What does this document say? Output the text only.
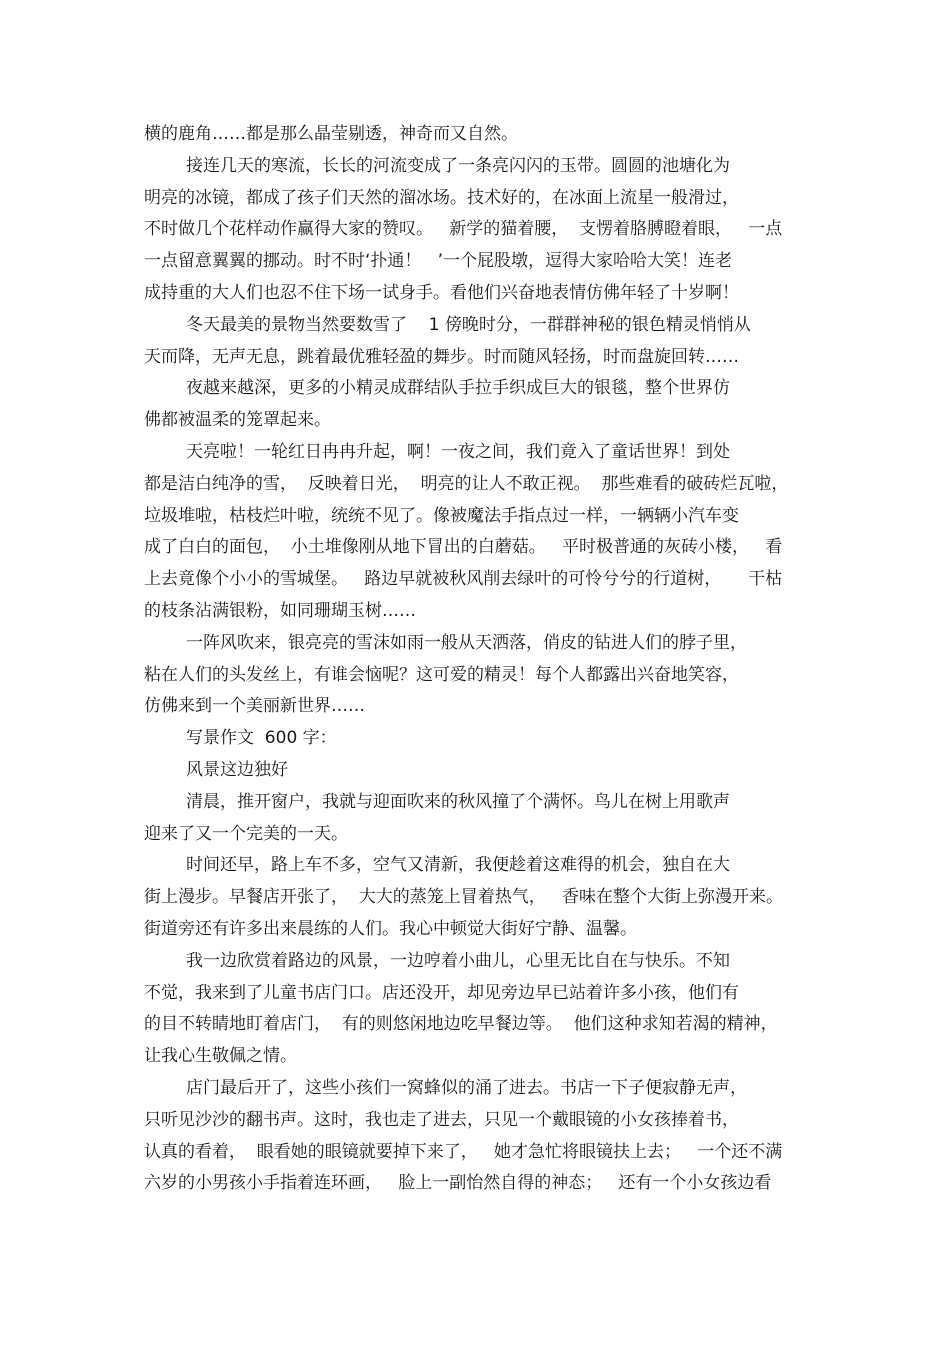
横的鹿角……都是那么晶莹剔透，神奇而又自然。
接连几天的寒流，长长的河流变成了一条亮闪闪的玉带。圆圆的池塘化为
明亮的冰镜，都成了孩子们天然的溜冰场。技术好的，在冰面上流星一般滑过，
不时做几个花样动作赢得大家的赞叹。   新学的猫着腰，  支愣着胳膊瞪着眼，   一点
一点留意翼翼的挪动。时不时‘扑通！   ’一个屁股墩，逗得大家哈哈大笑！连老
成持重的大人们也忍不住下场一试身手。看他们兴奋地表情仿佛年轻了十岁啊！
冬天最美的景物当然要数雪了    1 傍晚时分，一群群神秘的银色精灵悄悄从
天而降，无声无息，跳着最优雅轻盈的舞步。时而随风轻扬，时而盘旋回转……
夜越来越深，更多的小精灵成群结队手拉手织成巨大的银毯，整个世界仿
佛都被温柔的笼罩起来。
天亮啦！一轮红日冉冉升起，啊！一夜之间，我们竟入了童话世界！到处
都是洁白纯净的雪，  反映着日光，  明亮的让人不敢正视。  那些难看的破砖烂瓦啦，
垃圾堆啦，枯枝烂叶啦，统统不见了。像被魔法手指点过一样，一辆辆小汽车变
成了白白的面包，  小土堆像刚从地下冒出的白蘑菇。   平时极普通的灰砖小楼，   看
上去竟像个小小的雪城堡。   路边早就被秋风削去绿叶的可怜兮兮的行道树，     干枯
的枝条沾满银粉，如同珊瑚玉树……
一阵风吹来，银亮亮的雪沫如雨一般从天洒落，俏皮的钻进人们的脖子里，
粘在人们的头发丝上，有谁会恼呢？这可爱的精灵！每个人都露出兴奋地笑容，
仿佛来到一个美丽新世界……
写景作文  600 字：
风景这边独好
清晨，推开窗户，我就与迎面吹来的秋风撞了个满怀。鸟儿在树上用歌声
迎来了又一个完美的一天。
时间还早，路上车不多，空气又清新，我便趁着这难得的机会，独自在大
街上漫步。早餐店开张了，  大大的蒸笼上冒着热气，   香味在整个大街上弥漫开来。
街道旁还有许多出来晨练的人们。我心中顿觉大街好宁静、温馨。
我一边欣赏着路边的风景，一边哼着小曲儿，心里无比自在与快乐。不知
不觉，我来到了儿童书店门口。店还没开，却见旁边早已站着许多小孩，他们有
的目不转睛地盯着店门，  有的则悠闲地边吃早餐边等。  他们这种求知若渴的精神，
让我心生敬佩之情。
店门最后开了，这些小孩们一窝蜂似的涌了进去。书店一下子便寂静无声，
只听见沙沙的翻书声。这时，我也走了进去，只见一个戴眼镜的小女孩捧着书，
认真的看着，  眼看她的眼镜就要掉下来了，   她才急忙将眼镜扶上去；   一个还不满
六岁的小男孩小手指着连环画，   脸上一副怡然自得的神态；   还有一个小女孩边看
